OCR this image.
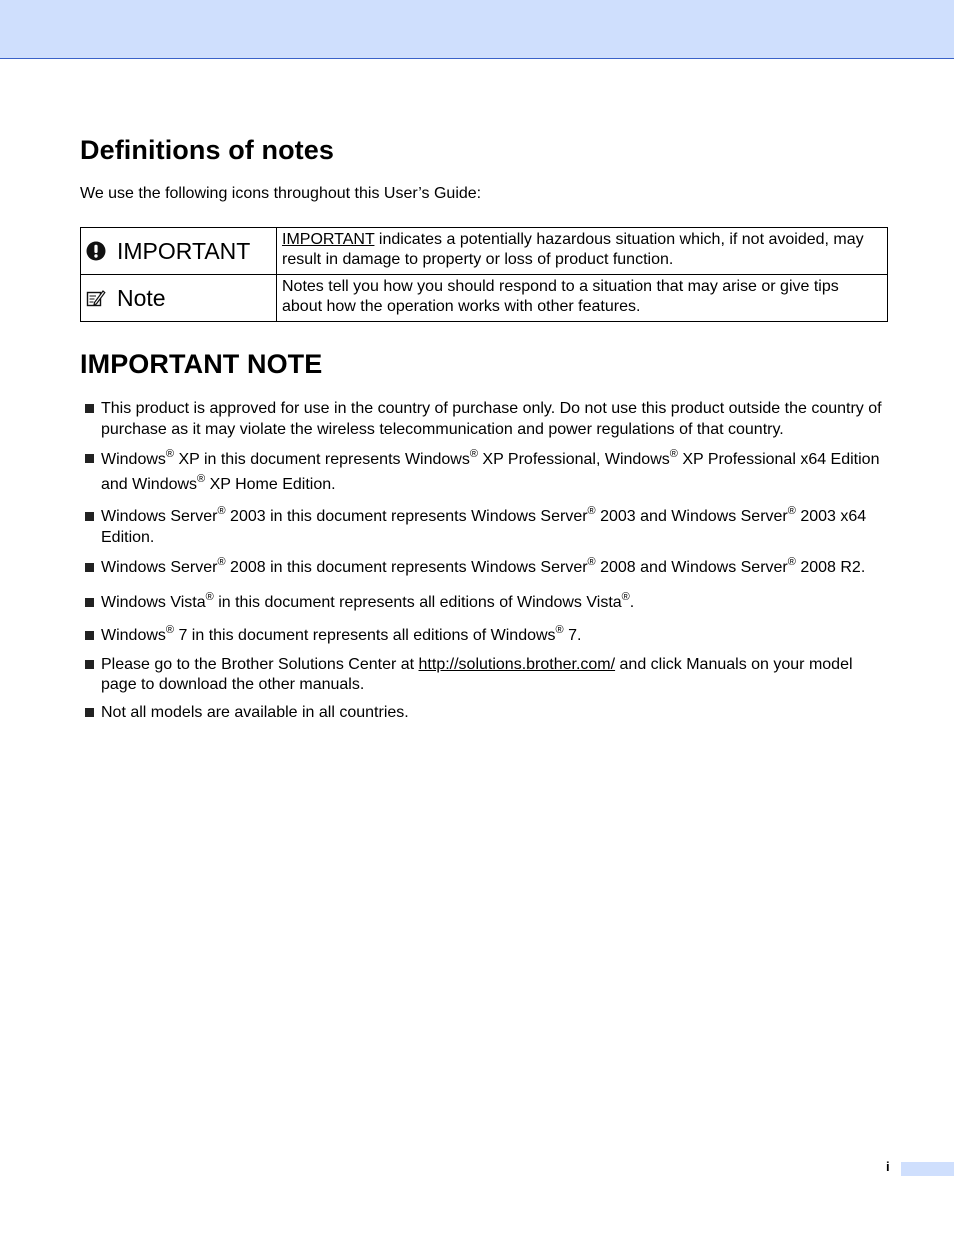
Definitions of notes

We use the following icons throughout this User’s Guide:

IMPORTANT	IMPORTANT indicates a potentially hazardous situation which, if not avoided, may result in damage to property or loss of product function.

Note	Notes tell you how you should respond to a situation that may arise or give tips about how the operation works with other features.
IMPORTANT NOTE
This product is approved for use in the country of purchase only. Do not use this product outside the country of purchase as it may violate the wireless telecommunication and power regulations of that country.
Windows® XP in this document represents Windows® XP Professional, Windows® XP Professional x64 Edition and Windows® XP Home Edition.
Windows Server® 2003 in this document represents Windows Server® 2003 and Windows Server® 2003 x64 Edition.
Windows Server® 2008 in this document represents Windows Server® 2008 and Windows Server® 2008 R2.
Windows Vista® in this document represents all editions of Windows Vista®.
Windows® 7 in this document represents all editions of Windows® 7.
Please go to the Brother Solutions Center at http://solutions.brother.com/ and click Manuals on your model page to download the other manuals.
Not all models are available in all countries.
i
